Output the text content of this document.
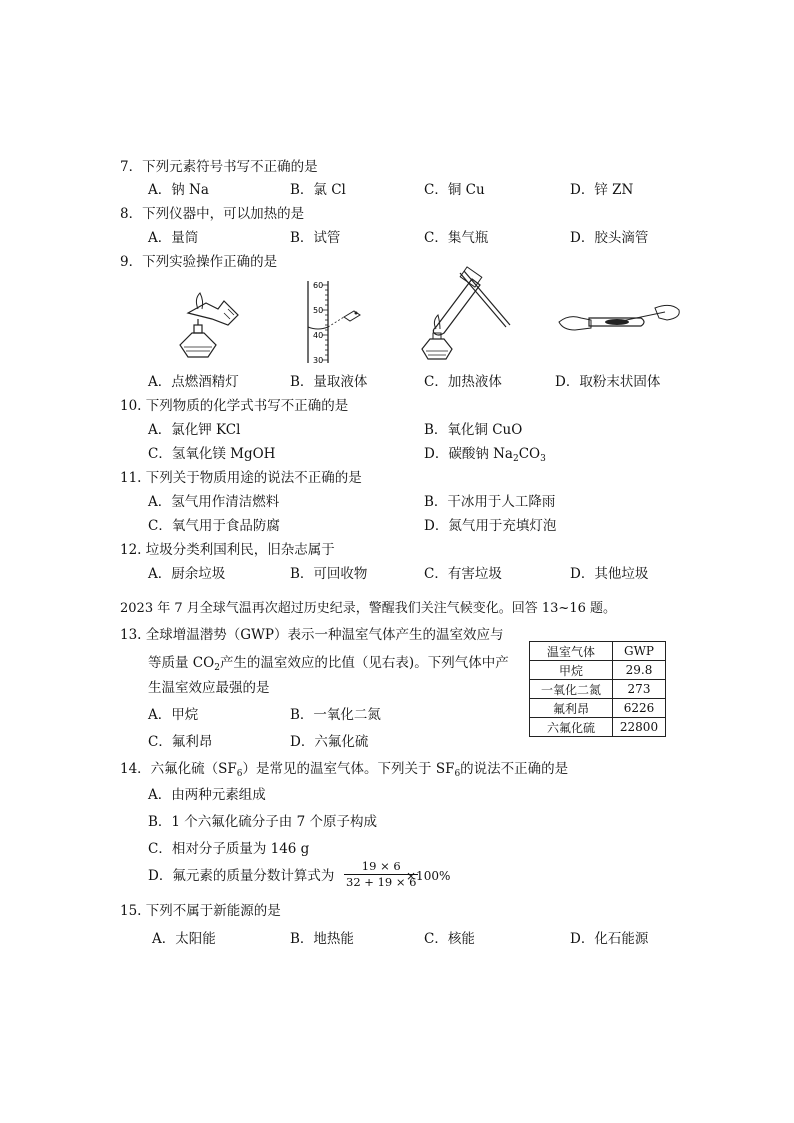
7．下列元素符号书写不正确的是
A．钠 Na	B．氯 Cl	C．铜 Cu	D．锌 ZN
8．下列仪器中，可以加热的是
A．量筒	B．试管	C．集气瓶	D．胶头滴管
9．下列实验操作正确的是
60
50
40
30
A．点燃酒精灯	B．量取液体	C．加热液体	D．取粉末状固体
10. 下列物质的化学式书写不正确的是
A．氯化钾 KCl	B．氧化铜 CuO
C．氢氧化镁 MgOH	D．碳酸钠 $Na_2CO_3$
11. 下列关于物质用途的说法不正确的是
A．氢气用作清洁燃料	B．干冰用于人工降雨
C．氧气用于食品防腐	D．氮气用于充填灯泡
12. 垃圾分类利国利民，旧杂志属于
A．厨余垃圾	B．可回收物	C．有害垃圾	D．其他垃圾
2023 年 7 月全球气温再次超过历史纪录，警醒我们关注气候变化。回答 13~16 题。
13. 全球增温潜势（GWP）表示一种温室气体产生的温室效应与
等质量 $CO_2$产生的温室效应的比值（见右表)。下列气体中产
生温室效应最强的是
A．甲烷	B．一氧化二氮
C．氟利昂	D．六氟化硫
温室气体	GWP
甲烷	29.8
一氧化二氮	273
氟利昂	6226
六氟化硫	22800
14．六氟化硫$(SF_6)$是常见的温室气体。下列关于 $SF_6$的说法不正确的是
A．由两种元素组成
B．1 个六氟化硫分子由 7 个原子构成
C．相对分子质量为 146 g
D．氟元素的质量分数计算式为
19 × 6
32 + 19 × 6
×100%
15. 下列不属于新能源的是
A．太阳能	B．地热能	C．核能	D．化石能源
